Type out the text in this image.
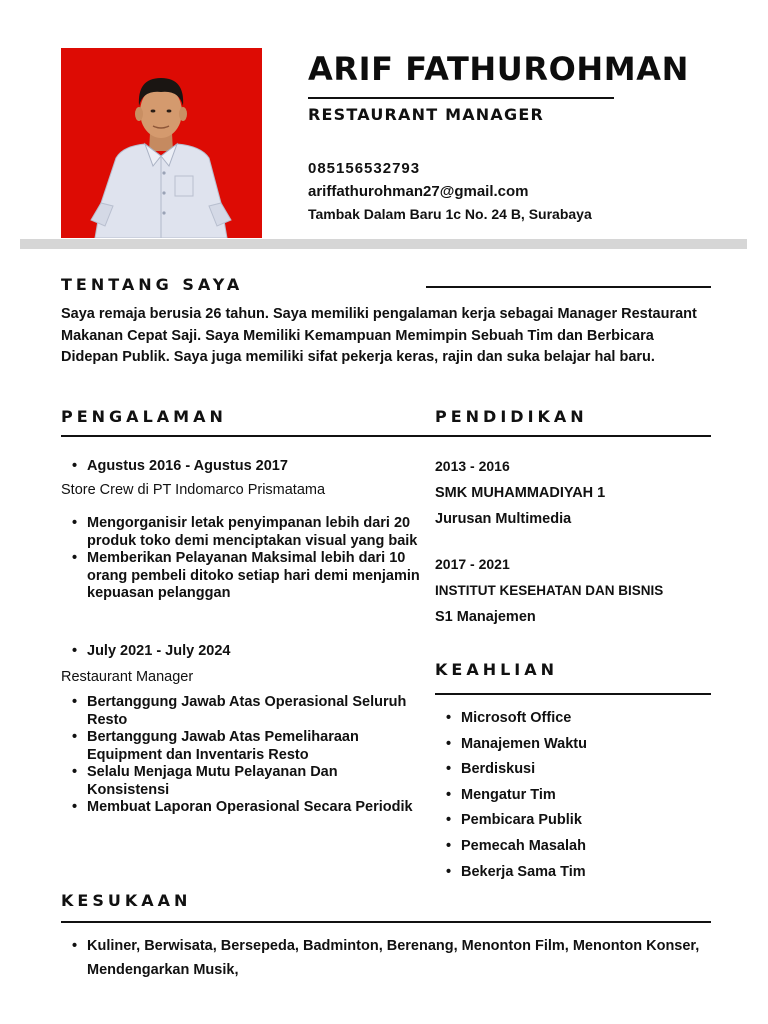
ARIF FATHUROHMAN
RESTAURANT MANAGER
085156532793
ariffathurohman27@gmail.com
Tambak Dalam Baru 1c No. 24 B, Surabaya
TENTANG SAYA
Saya remaja berusia 26 tahun. Saya memiliki pengalaman kerja sebagai Manager Restaurant Makanan Cepat Saji. Saya Memiliki Kemampuan Memimpin Sebuah Tim dan Berbicara Didepan Publik. Saya juga memiliki sifat pekerja keras, rajin dan suka belajar hal baru.
PENGALAMAN	PENDIDIKAN
• Agustus 2016 - Agustus 2017
Store Crew di PT Indomarco Prismatama
• Mengorganisir letak penyimpanan lebih dari 20 produk toko demi menciptakan visual yang baik
• Memberikan Pelayanan Maksimal lebih dari 10 orang pembeli ditoko setiap hari demi menjamin kepuasan pelanggan
• July 2021 - July 2024
Restaurant Manager
• Bertanggung Jawab Atas Operasional Seluruh Resto
• Bertanggung Jawab Atas Pemeliharaan Equipment dan Inventaris Resto
• Selalu Menjaga Mutu Pelayanan Dan Konsistensi
• Membuat Laporan Operasional Secara Periodik
2013 - 2016
SMK MUHAMMADIYAH 1
Jurusan Multimedia
2017 - 2021
INSTITUT KESEHATAN DAN BISNIS
S1 Manajemen
KEAHLIAN
• Microsoft Office
• Manajemen Waktu
• Berdiskusi
• Mengatur Tim
• Pembicara Publik
• Pemecah Masalah
• Bekerja Sama Tim
KESUKAAN
• Kuliner, Berwisata, Bersepeda, Badminton, Berenang, Menonton Film, Menonton Konser, Mendengarkan Musik,
